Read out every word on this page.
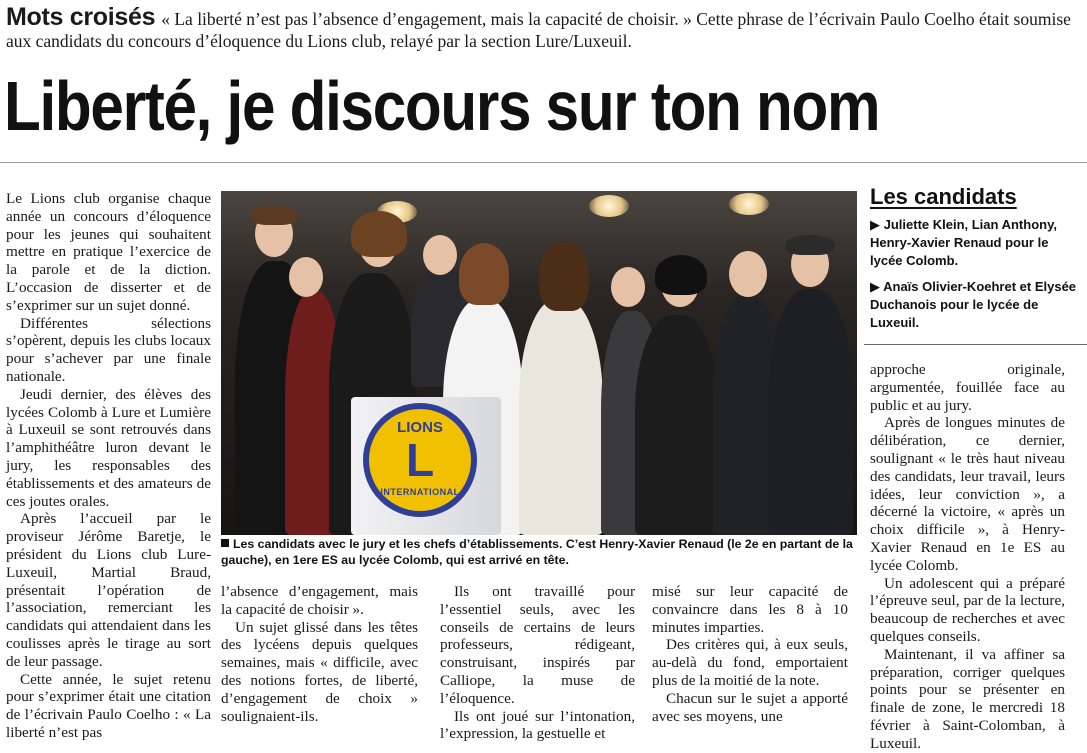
Mots croisés « La liberté n’est pas l’absence d’engagement, mais la capacité de choisir. » Cette phrase de l’écrivain Paulo Coelho était soumise aux candidats du concours d’éloquence du Lions club, relayé par la section Lure/Luxeuil.
Liberté, je discours sur ton nom

Le Lions club organise chaque année un concours d’éloquence pour les jeunes qui souhaitent mettre en pratique l’exercice de la parole et de la diction. L’occasion de disserter et de s’exprimer sur un sujet donné.

Différentes sélections s’opèrent, depuis les clubs locaux pour s’achever par une finale nationale.

Jeudi dernier, des élèves des lycées Colomb à Lure et Lumière à Luxeuil se sont retrouvés dans l’amphithéâtre luron devant le jury, les responsables des établissements et des amateurs de ces joutes orales.

Après l’accueil par le proviseur Jérôme Baretje, le président du Lions club Lure-Luxeuil, Martial Braud, présentait l’opération de l’association, remerciant les candidats qui attendaient dans les coulisses après le tirage au sort de leur passage.

Cette année, le sujet retenu pour s’exprimer était une citation de l’écrivain Paulo Coelho : « La liberté n’est pas

LIONS
L
INTERNATIONAL
Les candidats avec le jury et les chefs d’établissements. C’est Henry-Xavier Renaud (le 2e en partant de la gauche), en 1ere ES au lycée Colomb, qui est arrivé en tête.

l’absence d’engagement, mais la capacité de choisir ».

Un sujet glissé dans les têtes des lycéens depuis quelques semaines, mais « difficile, avec des notions fortes, de liberté, d’engagement de choix » soulignaient-ils.

Ils ont travaillé pour l’essentiel seuls, avec les conseils de certains de leurs professeurs, rédigeant, construisant, inspirés par Calliope, la muse de l’éloquence.

Ils ont joué sur l’intonation, l’expression, la gestuelle et

misé sur leur capacité de convaincre dans les 8 à 10 minutes imparties.

Des critères qui, à eux seuls, au-delà du fond, emportaient plus de la moitié de la note.

Chacun sur le sujet a apporté avec ses moyens, une

Les candidats

▶ Juliette Klein, Lian Anthony, Henry-Xavier Renaud pour le lycée Colomb.

▶ Anaïs Olivier-Koehret et Elysée Duchanois pour le lycée de Luxeuil.

approche originale, argumentée, fouillée face au public et au jury.

Après de longues minutes de délibération, ce dernier, soulignant « le très haut niveau des candidats, leur travail, leurs idées, leur conviction », a décerné la victoire, « après un choix difficile », à Henry-Xavier Renaud en 1e ES au lycée Colomb.

Un adolescent qui a préparé l’épreuve seul, par de la lecture, beaucoup de recherches et avec quelques conseils.

Maintenant, il va affiner sa préparation, corriger quelques points pour se présenter en finale de zone, le mercredi 18 février à Saint-Colomban, à Luxeuil.
